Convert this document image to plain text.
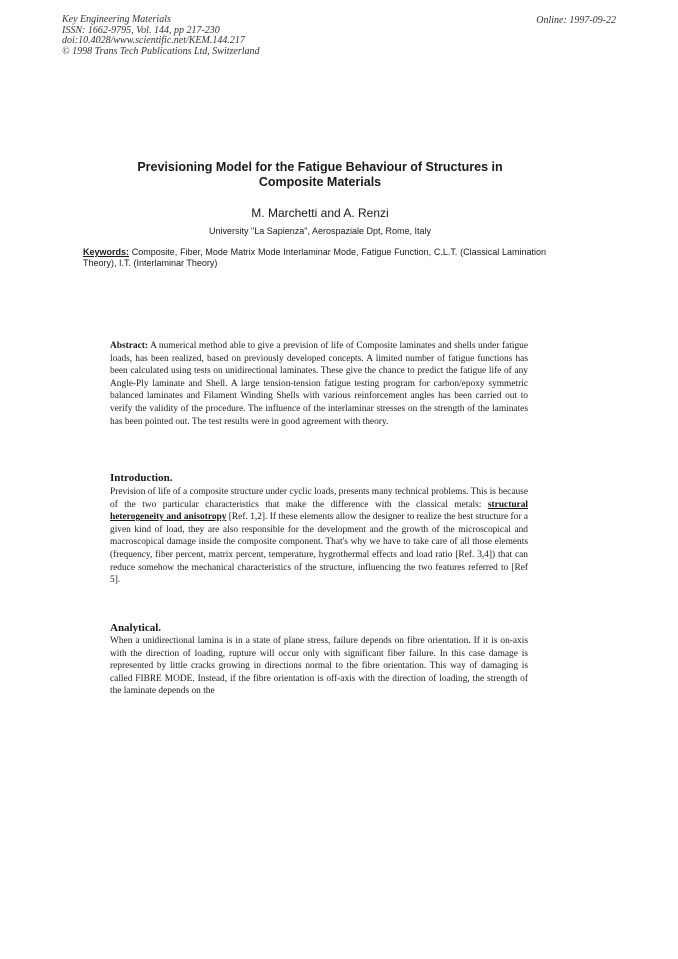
Key Engineering Materials
ISSN: 1662-9795, Vol. 144, pp 217-230
doi:10.4028/www.scientific.net/KEM.144.217
© 1998 Trans Tech Publications Ltd, Switzerland
Online: 1997-09-22
Previsioning Model for the Fatigue Behaviour of Structures in
Composite Materials
M. Marchetti and A. Renzi
University "La Sapienza", Aerospaziale Dpt, Rome, Italy
Keywords: Composite, Fiber, Mode Matrix Mode Interlaminar Mode, Fatigue Function, C.L.T. (Classical Lamination Theory), I.T. (Interlaminar Theory)
Abstract: A numerical method able to give a prevision of life of Composite laminates and shells under fatigue loads, has been realized, based on previously developed concepts. A limited number of fatigue functions has been calculated using tests on unidirectional laminates. These give the chance to predict the fatigue life of any Angle-Ply laminate and Shell. A large tension-tension fatigue testing program for carbon/epoxy symmetric balanced laminates and Filament Winding Shells with various reinforcement angles has been carried out to verify the validity of the procedure. The influence of the interlaminar stresses on the strength of the laminates has been pointed out. The test results were in good agreement with theory.
Introduction.
Prevision of life of a composite structure under cyclic loads, presents many technical problems. This is because of the two particular characteristics that make the difference with the classical metals: structural heterogeneity and anisotropy [Ref. 1,2]. If these elements allow the designer to realize the best structure for a given kind of load, they are also responsible for the development and the growth of the microscopical and macroscopical damage inside the composite component. That's why we have to take care of all those elements (frequency, fiber percent, matrix percent, temperature, hygrothermal effects and load ratio [Ref. 3,4]) that can reduce somehow the mechanical characteristics of the structure, influencing the two features referred to [Ref 5].
Analytical.
When a unidirectional lamina is in a state of plane stress, failure depends on fibre orientation. If it is on-axis with the direction of loading, rupture will occur only with significant fiber failure. In this case damage is represented by little cracks growing in directions normal to the fibre orientation. This way of damaging is called FIBRE MODE. Instead, if the fibre orientation is off-axis with the direction of loading, the strength of the laminate depends on the
